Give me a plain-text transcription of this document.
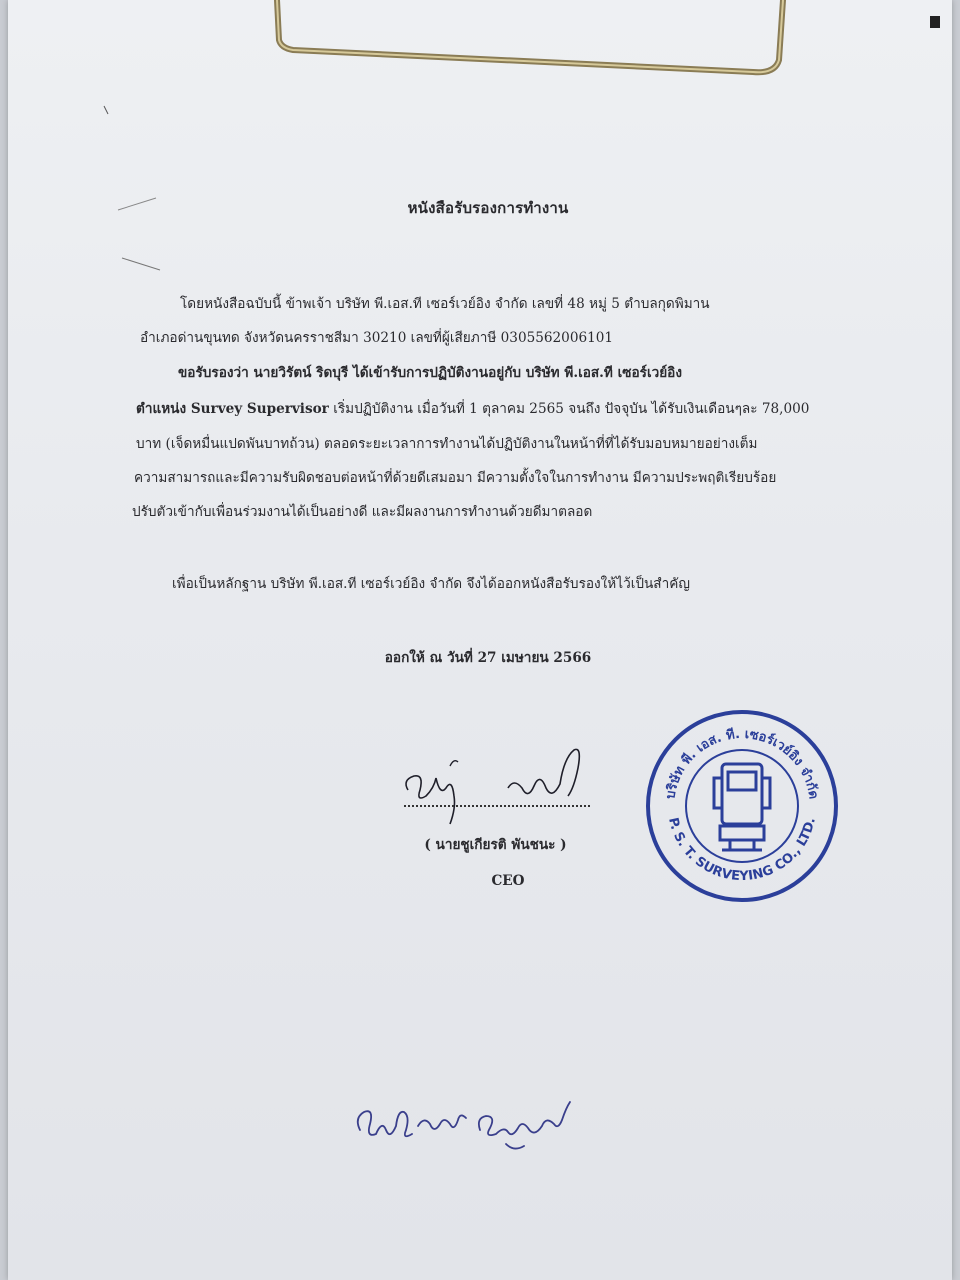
หนังสือรับรองการทำงาน
โดยหนังสือฉบับนี้ ข้าพเจ้า บริษัท พี.เอส.ที เซอร์เวย์อิง จำกัด เลขที่ 48 หมู่ 5 ตำบลกุดพิมาน
อำเภอด่านขุนทด จังหวัดนครราชสีมา 30210 เลขที่ผู้เสียภาษี 0305562006101
ขอรับรองว่า นายวิรัตน์ ริดบุรี ได้เข้ารับการปฏิบัติงานอยู่กับ บริษัท พี.เอส.ที เซอร์เวย์อิง
ตำแหน่ง Survey Supervisor เริ่มปฏิบัติงาน เมื่อวันที่ 1 ตุลาคม 2565 จนถึง ปัจจุบัน ได้รับเงินเดือนๆละ 78,000
บาท (เจ็ดหมื่นแปดพันบาทถ้วน) ตลอดระยะเวลาการทำงานได้ปฏิบัติงานในหน้าที่ที่ได้รับมอบหมายอย่างเต็ม
ความสามารถและมีความรับผิดชอบต่อหน้าที่ด้วยดีเสมอมา มีความตั้งใจในการทำงาน มีความประพฤติเรียบร้อย
ปรับตัวเข้ากับเพื่อนร่วมงานได้เป็นอย่างดี และมีผลงานการทำงานด้วยดีมาตลอด
เพื่อเป็นหลักฐาน บริษัท พี.เอส.ที เซอร์เวย์อิง จำกัด จึงได้ออกหนังสือรับรองให้ไว้เป็นสำคัญ
ออกให้ ณ วันที่ 27 เมษายน 2566
( นายชูเกียรติ พันชนะ )
CEO
บริษัท พี. เอส. ที. เซอร์เวย์อิง จำกัด
P. S. T. SURVEYING CO., LTD.
